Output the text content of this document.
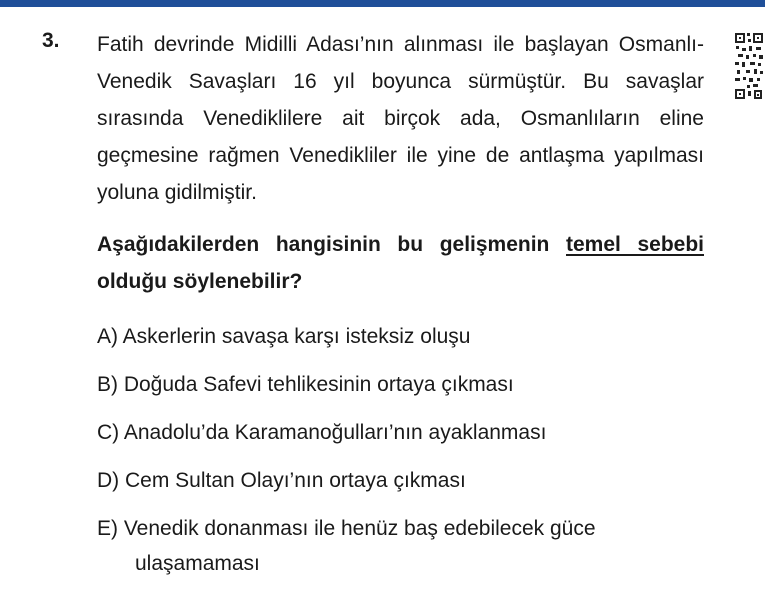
3. Fatih devrinde Midilli Adası’nın alınması ile başlayan Osmanlı-Venedik Savaşları 16 yıl boyunca sürmüştür. Bu savaşlar sırasında Venediklilere ait birçok ada, Osmanlıların eline geçmesine rağmen Venedikliler ile yine de antlaşma yapılması yoluna gidilmiştir.
Aşağıdakilerden hangisinin bu gelişmenin temel sebebi olduğu söylenebilir?
A) Askerlerin savaşa karşı isteksiz oluşu
B) Doğuda Safevi tehlikesinin ortaya çıkması
C) Anadolu’da Karamanoğulları’nın ayaklanması
D) Cem Sultan Olayı’nın ortaya çıkması
E) Venedik donanması ile henüz baş edebilecek güce
ulaşamaması
